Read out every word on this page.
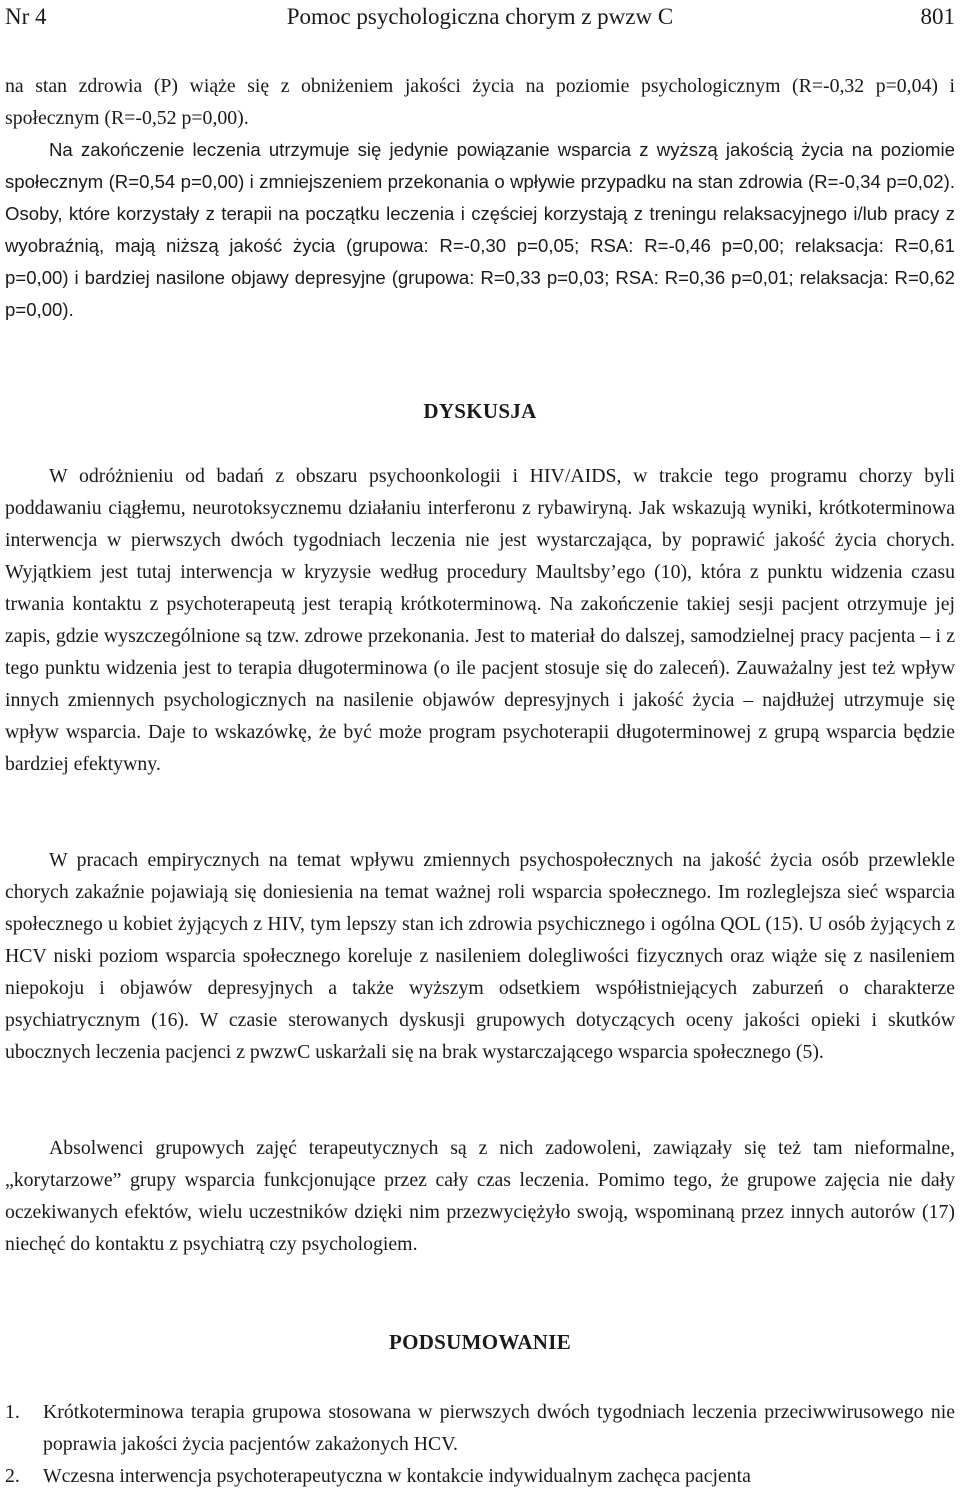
Nr 4	Pomoc psychologiczna chorym z pwzw C	801

na stan zdrowia (P) wiąże się z obniżeniem jakości życia na poziomie psychologicznym (R=-0,32 p=0,04) i społecznym (R=-0,52 p=0,00).

Na zakończenie leczenia utrzymuje się jedynie powiązanie wsparcia z wyższą jakością życia na poziomie społecznym (R=0,54 p=0,00) i zmniejszeniem przekonania o wpływie przypadku na stan zdrowia (R=-0,34 p=0,02). Osoby, które korzystały z terapii na początku leczenia i częściej korzystają z treningu relaksacyjnego i/lub pracy z wyobraźnią, mają niższą jakość życia (grupowa: R=-0,30 p=0,05; RSA: R=-0,46 p=0,00; relaksacja: R=0,61 p=0,00) i bardziej nasilone objawy depresyjne (grupowa: R=0,33 p=0,03; RSA: R=0,36 p=0,01; relaksacja: R=0,62 p=0,00).

DYSKUSJA

W odróżnieniu od badań z obszaru psychoonkologii i HIV/AIDS, w trakcie tego programu chorzy byli poddawaniu ciągłemu, neurotoksycznemu działaniu interferonu z rybawiryną. Jak wskazują wyniki, krótkoterminowa interwencja w pierwszych dwóch tygodniach leczenia nie jest wystarczająca, by poprawić jakość życia chorych. Wyjątkiem jest tutaj interwencja w kryzysie według procedury Maultsby’ego (10), która z punktu widzenia czasu trwania kontaktu z psychoterapeutą jest terapią krótkoterminową. Na zakończenie takiej sesji pacjent otrzymuje jej zapis, gdzie wyszczególnione są tzw. zdrowe przekonania. Jest to materiał do dalszej, samodzielnej pracy pacjenta – i z tego punktu widzenia jest to terapia długoterminowa (o ile pacjent stosuje się do zaleceń). Zauważalny jest też wpływ innych zmiennych psychologicznych na nasilenie objawów depresyjnych i jakość życia – najdłużej utrzymuje się wpływ wsparcia. Daje to wskazówkę, że być może program psychoterapii długoterminowej z grupą wsparcia będzie bardziej efektywny.

W pracach empirycznych na temat wpływu zmiennych psychospołecznych na jakość życia osób przewlekle chorych zakaźnie pojawiają się doniesienia na temat ważnej roli wsparcia społecznego. Im rozleglejsza sieć wsparcia społecznego u kobiet żyjących z HIV, tym lepszy stan ich zdrowia psychicznego i ogólna QOL (15). U osób żyjących z HCV niski poziom wsparcia społecznego koreluje z nasileniem dolegliwości fizycznych oraz wiąże się z nasileniem niepokoju i objawów depresyjnych a także wyższym odsetkiem współistniejących zaburzeń o charakterze psychiatrycznym (16). W czasie sterowanych dyskusji grupowych dotyczących oceny jakości opieki i skutków ubocznych leczenia pacjenci z pwzwC uskarżali się na brak wystarczającego wsparcia społecznego (5).

Absolwenci grupowych zajęć terapeutycznych są z nich zadowoleni, zawiązały się też tam nieformalne, „korytarzowe” grupy wsparcia funkcjonujące przez cały czas leczenia. Pomimo tego, że grupowe zajęcia nie dały oczekiwanych efektów, wielu uczestników dzięki nim przezwyciężyło swoją, wspominaną przez innych autorów (17) niechęć do kontaktu z psychiatrą czy psychologiem.

PODSUMOWANIE
1. Krótkoterminowa terapia grupowa stosowana w pierwszych dwóch tygodniach leczenia przeciwwirusowego nie poprawia jakości życia pacjentów zakażonych HCV.
2. Wczesna interwencja psychoterapeutyczna w kontakcie indywidualnym zachęca pacjenta
